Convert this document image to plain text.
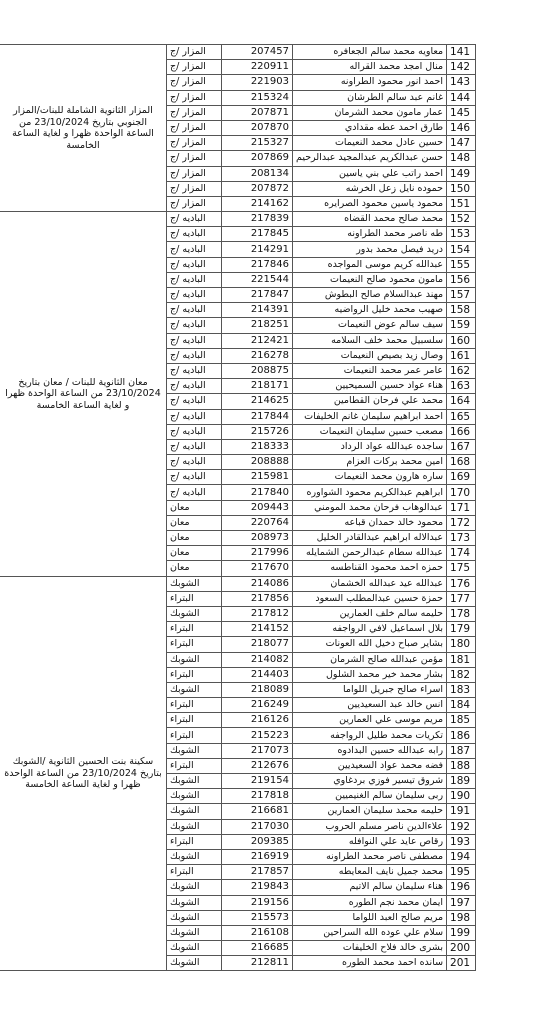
المزار الثانوية الشاملة للبنات/المزار الجنوبي بتاريخ 23/10/2024 من الساعة الواحدة ظهرا و لغاية الساعة الخامسة	المزار /ج	207457	معاويه محمد سالم الجعافره	141
	المزار /ج	220911	منال امجد محمد القراله	142
	المزار /ج	221903	احمد انور محمود الطراونه	143
	المزار /ج	215324	غانم عبد سالم الطرشان	144
	المزار /ج	207871	عمار مامون محمد الشرمان	145
	المزار /ج	207870	طارق احمد عطه مقدادي	146
	المزار /ج	215327	حسين عادل محمد النعيمات	147
	المزار /ج	207869	حسن عبدالكريم عبدالمجيد عبدالرحيم	148
	المزار /ج	208134	احمد راتب علي بني ياسين	149
	المزار /ج	207872	حموده نايل زعل الخرشه	150
	المزار /ج	214162	محمود ياسين محمود الصرايره	151
معان الثانوية للبنات / معان بتاريخ 23/10/2024 من الساعة الواحدة ظهرا و لغاية الساعة الخامسة	الباديه /ج	217839	محمد صالح محمد القضاه	152
	الباديه /ج	217845	طه ناصر محمد الطراونه	153
	الباديه /ج	214291	دريد فيصل محمد بدور	154
	الباديه /ج	217846	عبدالله كريم موسى المواجده	155
	الباديه /ج	221544	مامون محمود صالح النعيمات	156
	الباديه /ج	217847	مهند عبدالسلام صالح البطوش	157
	الباديه /ج	214391	صهيب محمد خليل الرواضيه	158
	الباديه /ج	218251	سيف سالم عوض النعيمات	159
	الباديه /ج	212421	سلسبيل محمد خلف السلامه	160
	الباديه /ج	216278	وصال زيد بصيص النعيمات	161
	الباديه /ج	208875	عامر عمر محمد النعيمات	162
	الباديه /ج	218171	هناء عواد حسين السميحيين	163
	الباديه /ج	214625	محمد علي فرحان القطامين	164
	الباديه /ج	217844	احمد ابراهيم سليمان غانم الخليفات	165
	الباديه /ج	215726	مصعب حسين سليمان النعيمات	166
	الباديه /ج	218333	ساجده عبدالله عواد الرداد	167
	الباديه /ج	208888	امين محمد بركات العزام	168
	الباديه /ج	215981	ساره هارون محمد النعيمات	169
	الباديه /ج	217840	ابراهيم عبدالكريم محمود الشواوره	170
	معان	209443	عبدالوهاب فرحان محمد المومني	171
	معان	220764	محمود خالد حمدان قباعه	172
	معان	208973	عبدالاله ابراهيم عبدالقادر الخليل	173
	معان	217996	عبدالله سطام عبدالرحمن الشمايله	174
	معان	217670	حمزه احمد محمود القناطسه	175
سكينة بنت الحسين الثانوية /الشوبك بتاريخ 23/10/2024 من الساعة الواحدة ظهرا و لغاية الساعة الخامسة	الشوبك	214086	عبدالله عيد عبدالله الخشمان	176
	البتراء	217856	حمزة حسين عبدالمطلب السعود	177
	الشوبك	217812	حليمه سالم خلف العمارين	178
	البتراء	214152	بلال اسماعيل لافي الرواجفه	179
	البتراء	218077	بشاير صباح دخيل الله العونات	180
	الشوبك	214082	مؤمن عبدالله صالح الشرمان	181
	البتراء	214403	بشار محمد خير محمد الشلول	182
	الشوبك	218089	اسراء صالح جبريل اللواما	183
	البتراء	216249	انس خالد عبد السعيديين	184
	البتراء	216126	مريم موسى علي العمارين	185
	البتراء	215223	تكريات محمد طليل الرواجفه	186
	الشوبك	217073	رابه عبدالله حسين البدادوه	187
	البتراء	212676	فضه محمد عواد السعيديين	188
	الشوبك	219154	شروق تيسير فوزي بردغاوي	189
	الشوبك	217818	ربى سليمان سالم الغنيميين	190
	الشوبك	216681	حليمه محمد سليمان العمارين	191
	الشوبك	217030	علاءالدين ناصر مسلم الحروب	192
	البتراء	209385	رقاص عايد علي النوافله	193
	الشوبك	216919	مصطفى ناصر محمد الطراونه	194
	البتراء	217857	محمد جميل نايف المعايطه	195
	الشوبك	219843	هناء سليمان سالم الاتيم	196
	الشوبك	219156	ايمان محمد نجم الطوره	197
	الشوبك	215573	مريم صالح العبد اللواما	198
	الشوبك	216108	سلام علي عوده الله السراحين	199
	الشوبك	216685	بشرى خالد فلاح الخليفات	200
	الشوبك	212811	سانده احمد محمد الطوره	201
